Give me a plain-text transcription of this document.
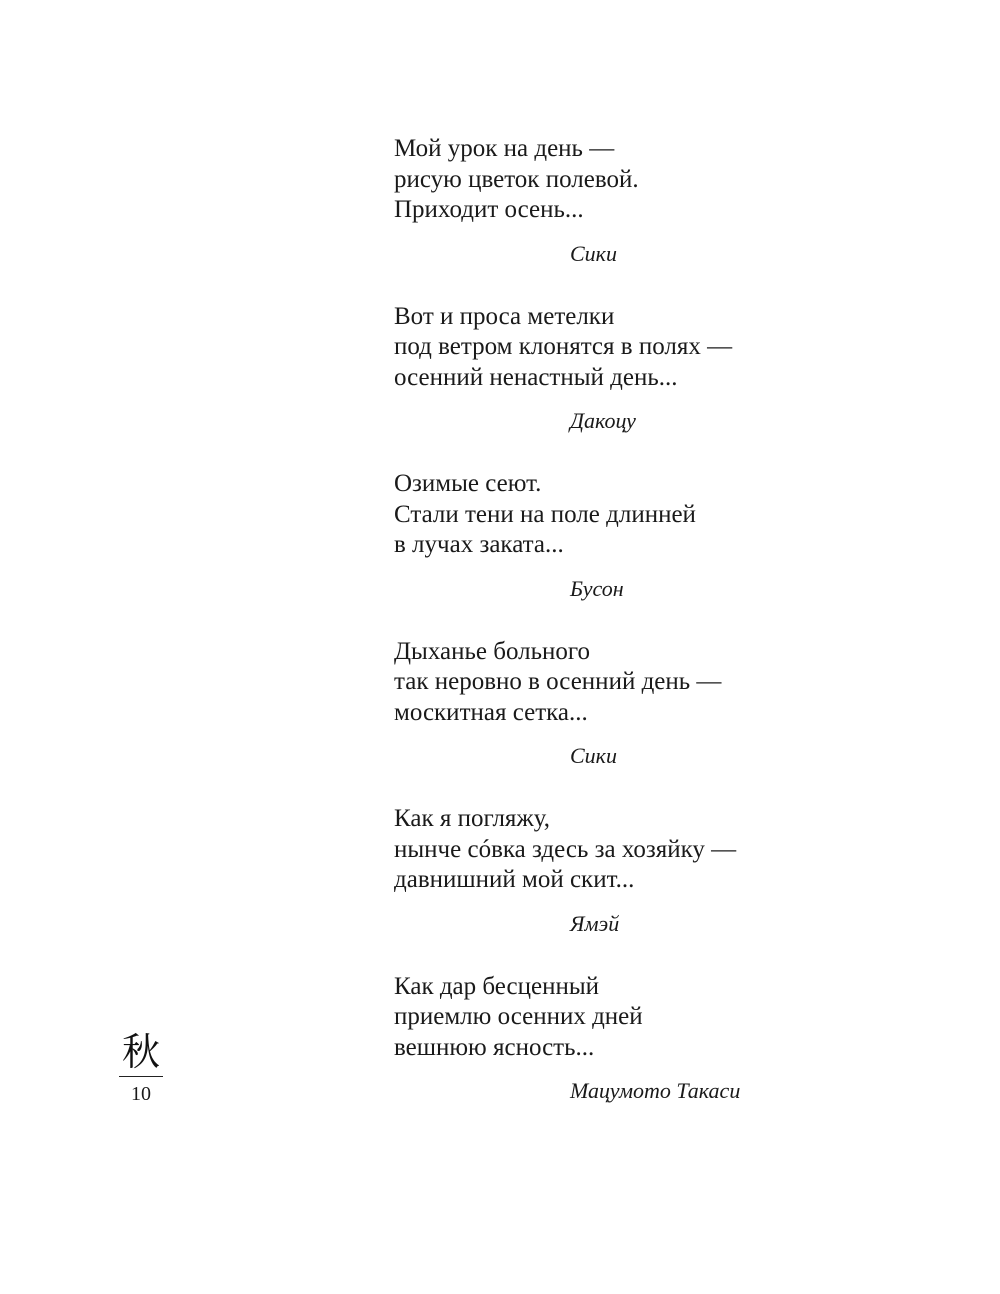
Мой урок на день —
рисую цветок полевой.
Приходит осень...
Сики
Вот и проса метелки
под ветром клонятся в полях —
осенний ненастный день...
Дакоцу
Озимые сеют.
Стали тени на поле длинней
в лучах заката...
Бусон
Дыханье больного
так неровно в осенний день —
москитная сетка...
Сики
Как я погляжу,
нынче сóвка здесь за хозяйку —
давнишний мой скит...
Ямэй
Как дар бесценный
приемлю осенних дней
вешнюю ясность...
Мацумото Такаси
秋
10
